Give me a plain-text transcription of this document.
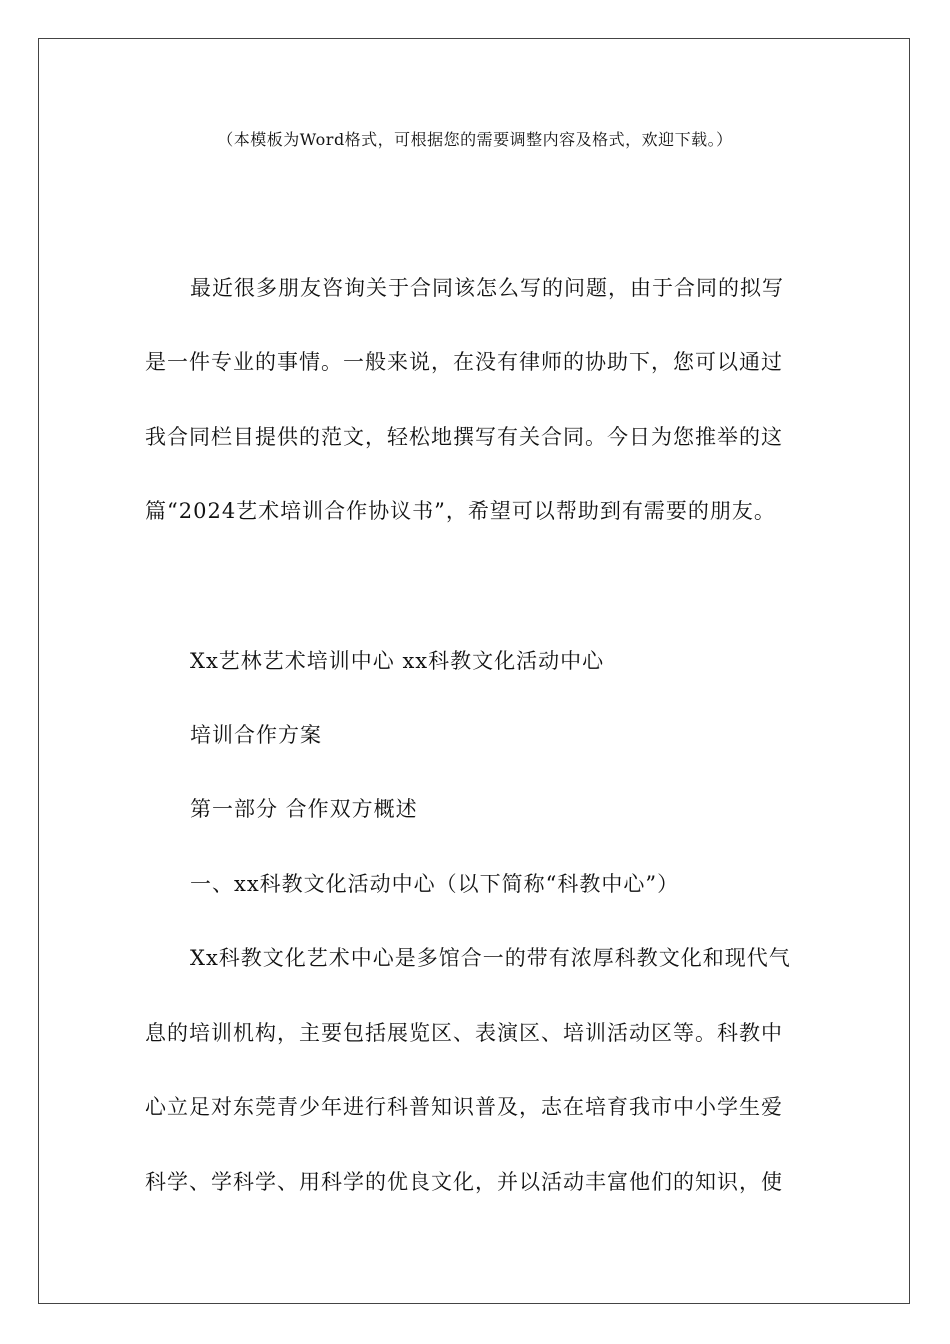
（本模板为Word格式，可根据您的需要调整内容及格式，欢迎下载。）
最近很多朋友咨询关于合同该怎么写的问题，由于合同的拟写
是一件专业的事情。一般来说，在没有律师的协助下，您可以通过
我合同栏目提供的范文，轻松地撰写有关合同。今日为您推举的这
篇“2024艺术培训合作协议书”，希望可以帮助到有需要的朋友。
Xx艺林艺术培训中心 xx科教文化活动中心
培训合作方案
第一部分 合作双方概述
一、xx科教文化活动中心（以下简称“科教中心”）
Xx科教文化艺术中心是多馆合一的带有浓厚科教文化和现代气
息的培训机构，主要包括展览区、表演区、培训活动区等。科教中
心立足对东莞青少年进行科普知识普及，志在培育我市中小学生爱
科学、学科学、用科学的优良文化，并以活动丰富他们的知识，使
